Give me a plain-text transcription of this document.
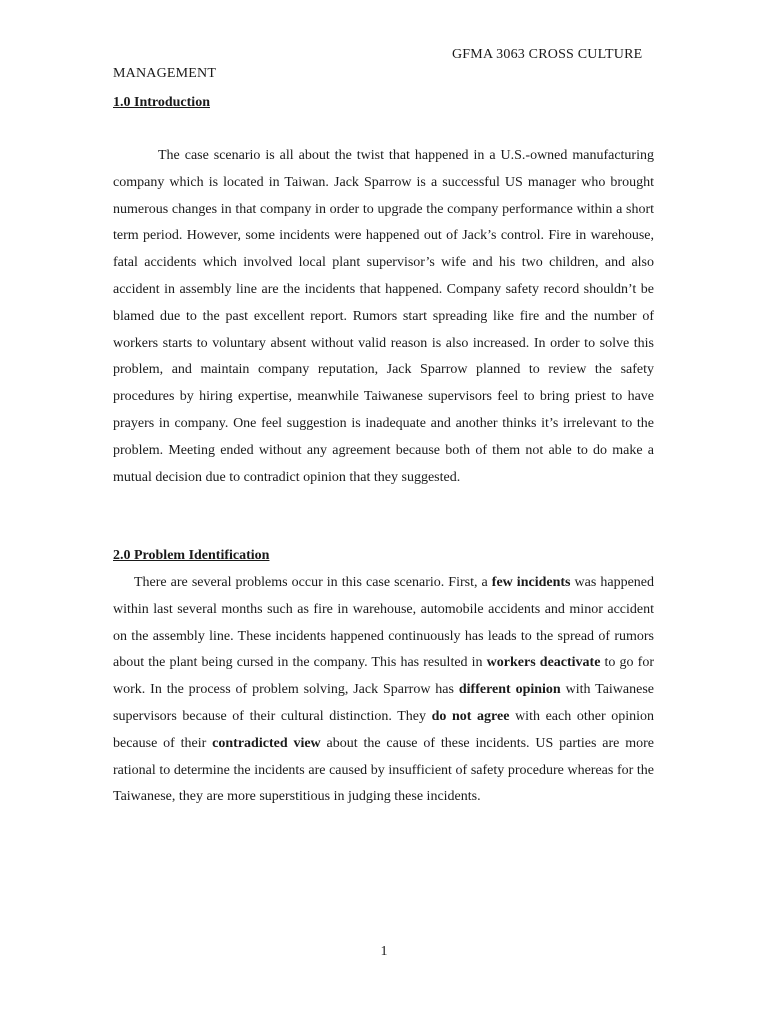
GFMA 3063 CROSS CULTURE
MANAGEMENT
1.0 Introduction
The case scenario is all about the twist that happened in a U.S.-owned manufacturing company which is located in Taiwan. Jack Sparrow is a successful US manager who brought numerous changes in that company in order to upgrade the company performance within a short term period. However, some incidents were happened out of Jack’s control. Fire in warehouse, fatal accidents which involved local plant supervisor’s wife and his two children, and also accident in assembly line are the incidents that happened. Company safety record shouldn’t be blamed due to the past excellent report. Rumors start spreading like fire and the number of workers starts to voluntary absent without valid reason is also increased. In order to solve this problem, and maintain company reputation, Jack Sparrow planned to review the safety procedures by hiring expertise, meanwhile Taiwanese supervisors feel to bring priest to have prayers in company. One feel suggestion is inadequate and another thinks it’s irrelevant to the problem. Meeting ended without any agreement because both of them not able to do make a mutual decision due to contradict opinion that they suggested.
2.0 Problem Identification
There are several problems occur in this case scenario. First, a few incidents was happened within last several months such as fire in warehouse, automobile accidents and minor accident on the assembly line. These incidents happened continuously has leads to the spread of rumors about the plant being cursed in the company. This has resulted in workers deactivate to go for work. In the process of problem solving, Jack Sparrow has different opinion with Taiwanese supervisors because of their cultural distinction. They do not agree with each other opinion because of their contradicted view about the cause of these incidents. US parties are more rational to determine the incidents are caused by insufficient of safety procedure whereas for the Taiwanese, they are more superstitious in judging these incidents.
1
